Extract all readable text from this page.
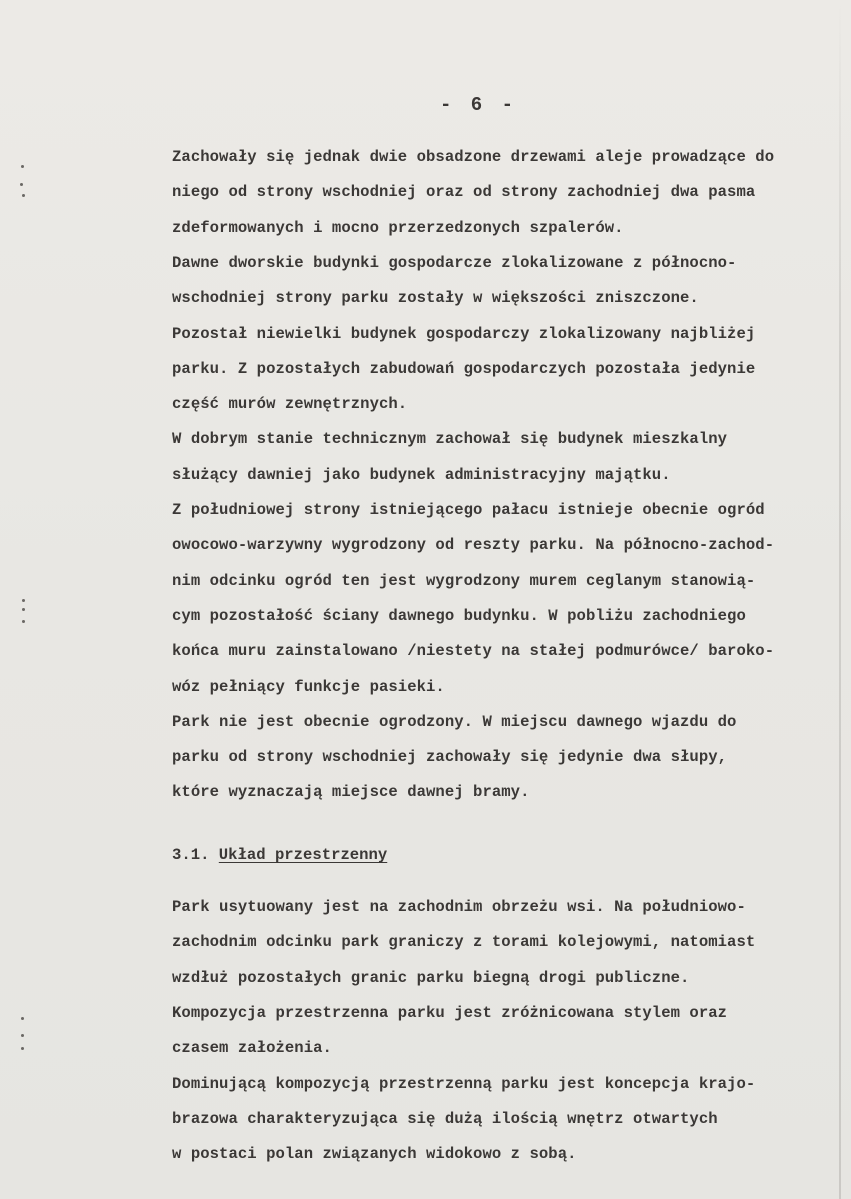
- 6 -
Zachowały się jednak dwie obsadzone drzewami aleje prowadzące do
niego od strony wschodniej oraz od strony zachodniej dwa pasma
zdeformowanych i mocno przerzedzonych szpalerów.
Dawne dworskie budynki gospodarcze zlokalizowane z północno-
wschodniej strony parku zostały w większości zniszczone.
Pozostał niewielki budynek gospodarczy zlokalizowany najbliżej
parku. Z pozostałych zabudowań gospodarczych pozostała jedynie
część murów zewnętrznych.
W dobrym stanie technicznym zachował się budynek mieszkalny
służący dawniej jako budynek administracyjny majątku.
Z południowej strony istniejącego pałacu istnieje obecnie ogród
owocowo-warzywny wygrodzony od reszty parku. Na północno-zachod-
nim odcinku ogród ten jest wygrodzony murem ceglanym stanowią-
cym pozostałość ściany dawnego budynku. W pobliżu zachodniego
końca muru zainstalowano /niestety na stałej podmurówce/ baroko-
wóz pełniący funkcje pasieki.
Park nie jest obecnie ogrodzony. W miejscu dawnego wjazdu do
parku od strony wschodniej zachowały się jedynie dwa słupy,
które wyznaczają miejsce dawnej bramy.
3.1. Układ przestrzenny
Park usytuowany jest na zachodnim obrzeżu wsi. Na południowo-
zachodnim odcinku park graniczy z torami kolejowymi, natomiast
wzdłuż pozostałych granic parku biegną drogi publiczne.
Kompozycja przestrzenna parku jest zróżnicowana stylem oraz
czasem założenia.
Dominującą kompozycją przestrzenną parku jest koncepcja krajo-
brazowa charakteryzująca się dużą ilością wnętrz otwartych
w postaci polan związanych widokowo z sobą.
